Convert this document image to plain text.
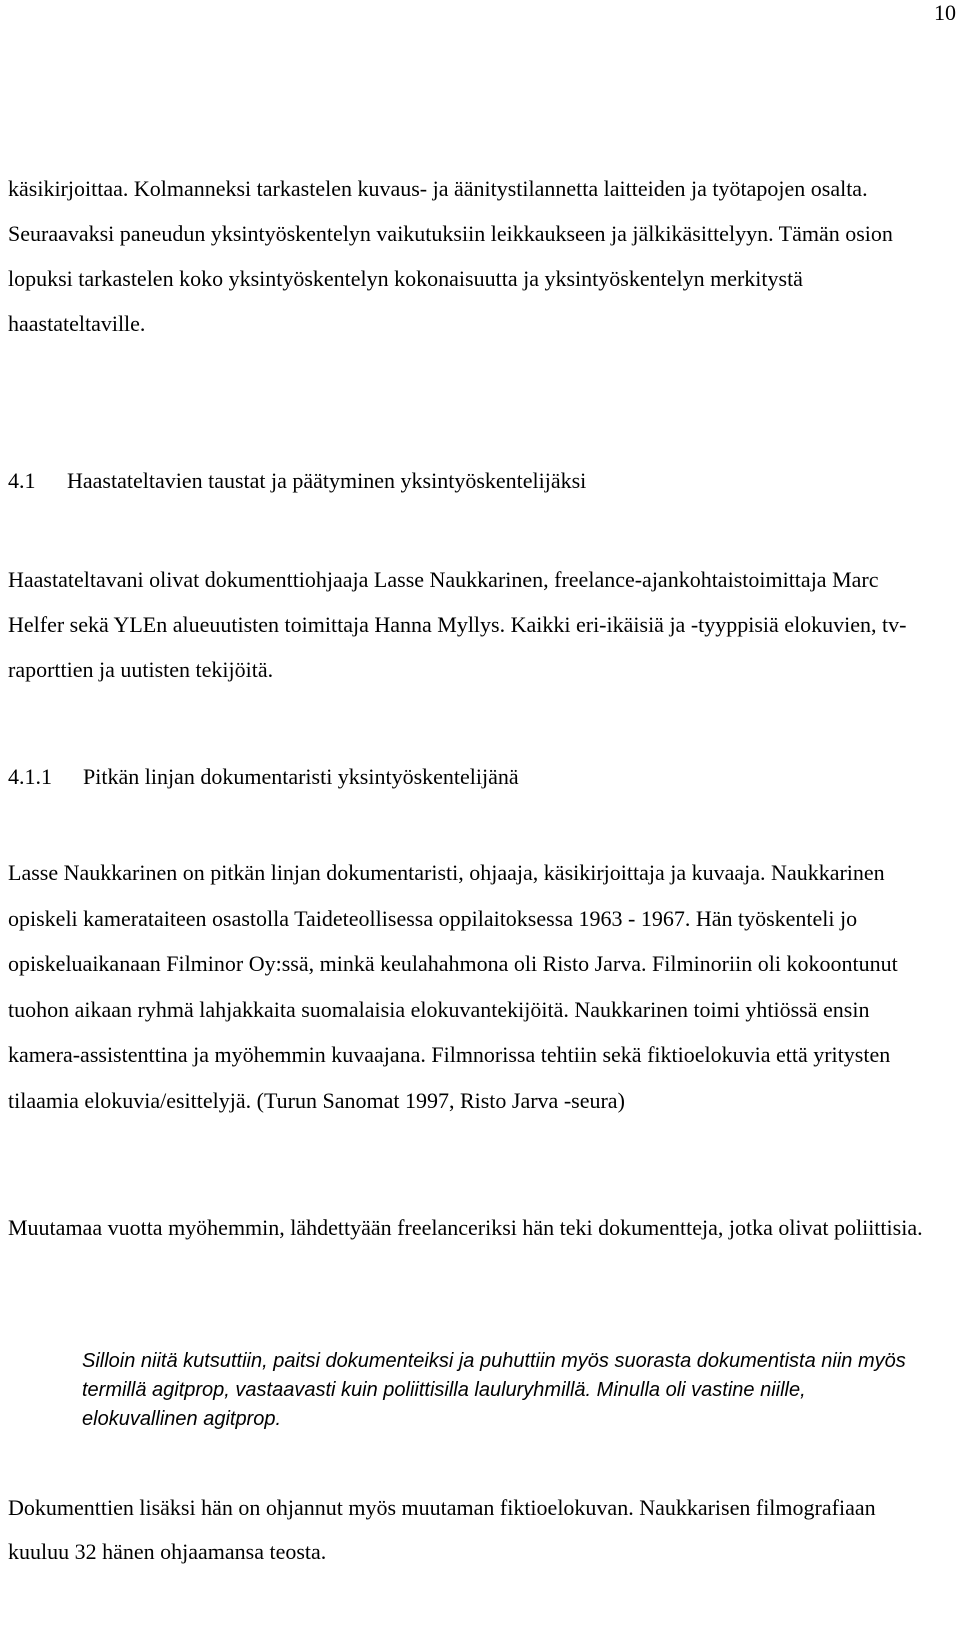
10

käsikirjoittaa. Kolmanneksi tarkastelen kuvaus- ja äänitystilannetta laitteiden ja työtapojen osalta. Seuraavaksi paneudun yksintyöskentelyn vaikutuksiin leikkaukseen ja jälkikäsittelyyn. Tämän osion lopuksi tarkastelen koko yksintyöskentelyn kokonaisuutta ja yksintyöskentelyn merkitystä haastateltaville.

4.1 Haastateltavien taustat ja päätyminen yksintyöskentelijäksi

Haastateltavani olivat dokumenttiohjaaja Lasse Naukkarinen, freelance-ajankohtaistoimittaja Marc Helfer sekä YLEn alueuutisten toimittaja Hanna Myllys. Kaikki eri-ikäisiä ja -tyyppisiä elokuvien, tv-raporttien ja uutisten tekijöitä.

4.1.1 Pitkän linjan dokumentaristi yksintyöskentelijänä

Lasse Naukkarinen on pitkän linjan dokumentaristi, ohjaaja, käsikirjoittaja ja kuvaaja. Naukkarinen opiskeli kamerataiteen osastolla Taideteollisessa oppilaitoksessa 1963 - 1967. Hän työskenteli jo opiskeluaikanaan Filminor Oy:ssä, minkä keulahahmona oli Risto Jarva. Filminoriin oli kokoontunut tuohon aikaan ryhmä lahjakkaita suomalaisia elokuvantekijöitä. Naukkarinen toimi yhtiössä ensin kamera-assistenttina ja myöhemmin kuvaajana. Filmnorissa tehtiin sekä fiktioelokuvia että yritysten tilaamia elokuvia/esittelyjä. (Turun Sanomat 1997, Risto Jarva -seura)

Muutamaa vuotta myöhemmin, lähdettyään freelanceriksi hän teki dokumentteja, jotka olivat poliittisia.

Silloin niitä kutsuttiin, paitsi dokumenteiksi ja puhuttiin myös suorasta dokumentista niin myös termillä agitprop, vastaavasti kuin poliittisilla lauluryhmillä. Minulla oli vastine niille, elokuvallinen agitprop.

Dokumenttien lisäksi hän on ohjannut myös muutaman fiktioelokuvan. Naukkarisen filmografiaan kuuluu 32 hänen ohjaamansa teosta.
